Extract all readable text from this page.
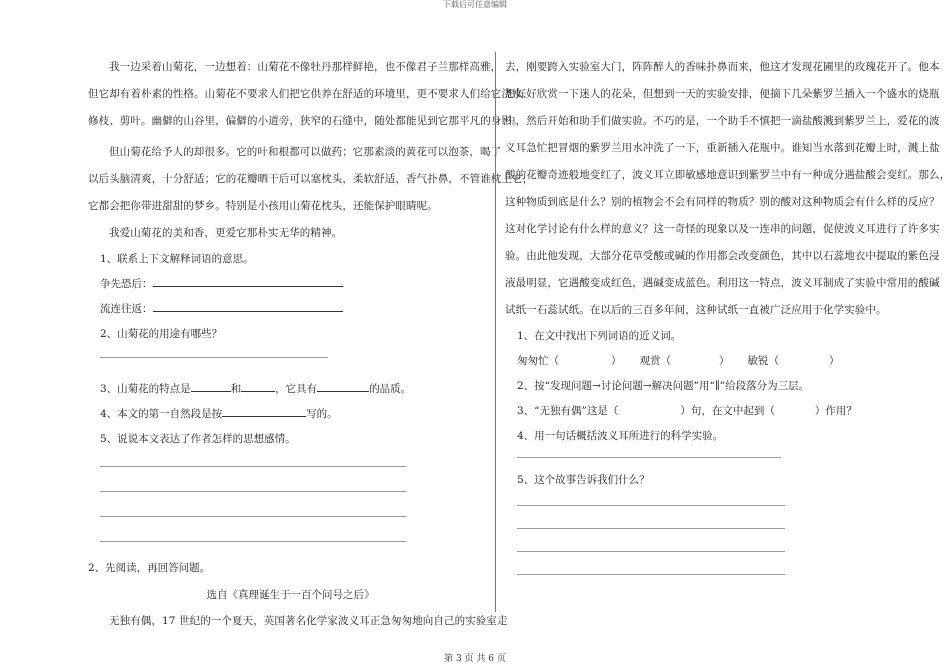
下载后可任意编辑

我一边采着山菊花，一边想着：山菊花不像牡丹那样鲜艳，也不像君子兰那样高雅，

但它却有着朴素的性格。山菊花不要求人们把它供养在舒适的环境里，更不要求人们给它浇水、

修枝、剪叶。幽僻的山谷里，偏僻的小道旁，狭窄的石缝中，随处都能见到它那平凡的身影。

但山菊花给予人的却很多。它的叶和根都可以做药；它那素淡的黄花可以泡茶，喝了

以后头脑清爽，十分舒适；它的花瓣晒干后可以塞枕头，柔软舒适，香气扑鼻，不管谁枕上它，

它都会把你带进甜甜的梦乡。特别是小孩用山菊花枕头，还能保护眼睛呢。

我爱山菊花的美和香，更爱它那朴实无华的精神。

1、联系上下文解释词语的意思。
争先恐后：
流连往返：
2、山菊花的用途有哪些？
3、山菊花的特点是	和	，它具有	的品质。
4、本文的第一自然段是按	写的。
5、说说本文表达了作者怎样的思想感情。
2、先阅读，再回答问题。
选自《真理诞生于一百个问号之后》

无独有偶，17 世纪的一个夏天，英国著名化学家波义耳正急匆匆地向自己的实验室走

去，刚要跨入实验室大门，阵阵醉人的香味扑鼻而来，他这才发现花圃里的玫瑰花开了。他本

想好好欣赏一下迷人的花朵，但想到一天的实验安排，便摘下几朵紫罗兰插入一个盛水的烧瓶

中，然后开始和助手们做实验。不巧的是，一个助手不慎把一滴盐酸溅到紫罗兰上，爱花的波

义耳急忙把冒烟的紫罗兰用水冲洗了一下，重新插入花瓶中。谁知当水落到花瓣上时，溅上盐

酸的花瓣奇迹般地变红了，波义耳立即敏感地意识到紫罗兰中有一种成分遇盐酸会变红。那么，

这种物质到底是什么？别的植物会不会有同样的物质？别的酸对这种物质会有什么样的反应？

这对化学讨论有什么样的意义？这一奇怪的现象以及一连串的问题，促使波义耳进行了许多实

验。由此他发现，大部分花草受酸或碱的作用都会改变颜色，其中以石蕊地衣中提取的紫色浸

液最明显，它遇酸变成红色，遇碱变成蓝色。利用这一特点，波义耳制成了实验中常用的酸碱

试纸一石蕊试纸。在以后的三百多年间，这种试纸一直被广泛应用于化学实验中。

1、在文中找出下列词语的近义词。
匆匆忙（	） 观赏（	） 敏锐（	）
2、按“发现问题→讨论问题→解决问题”用“∥”给段落分为三层。
3、“无独有偶”这是（	）句，在文中起到（	）作用？
4、用一句话概括波义耳所进行的科学实验。
5、这个故事告诉我们什么？
第 3 页 共 6 页
